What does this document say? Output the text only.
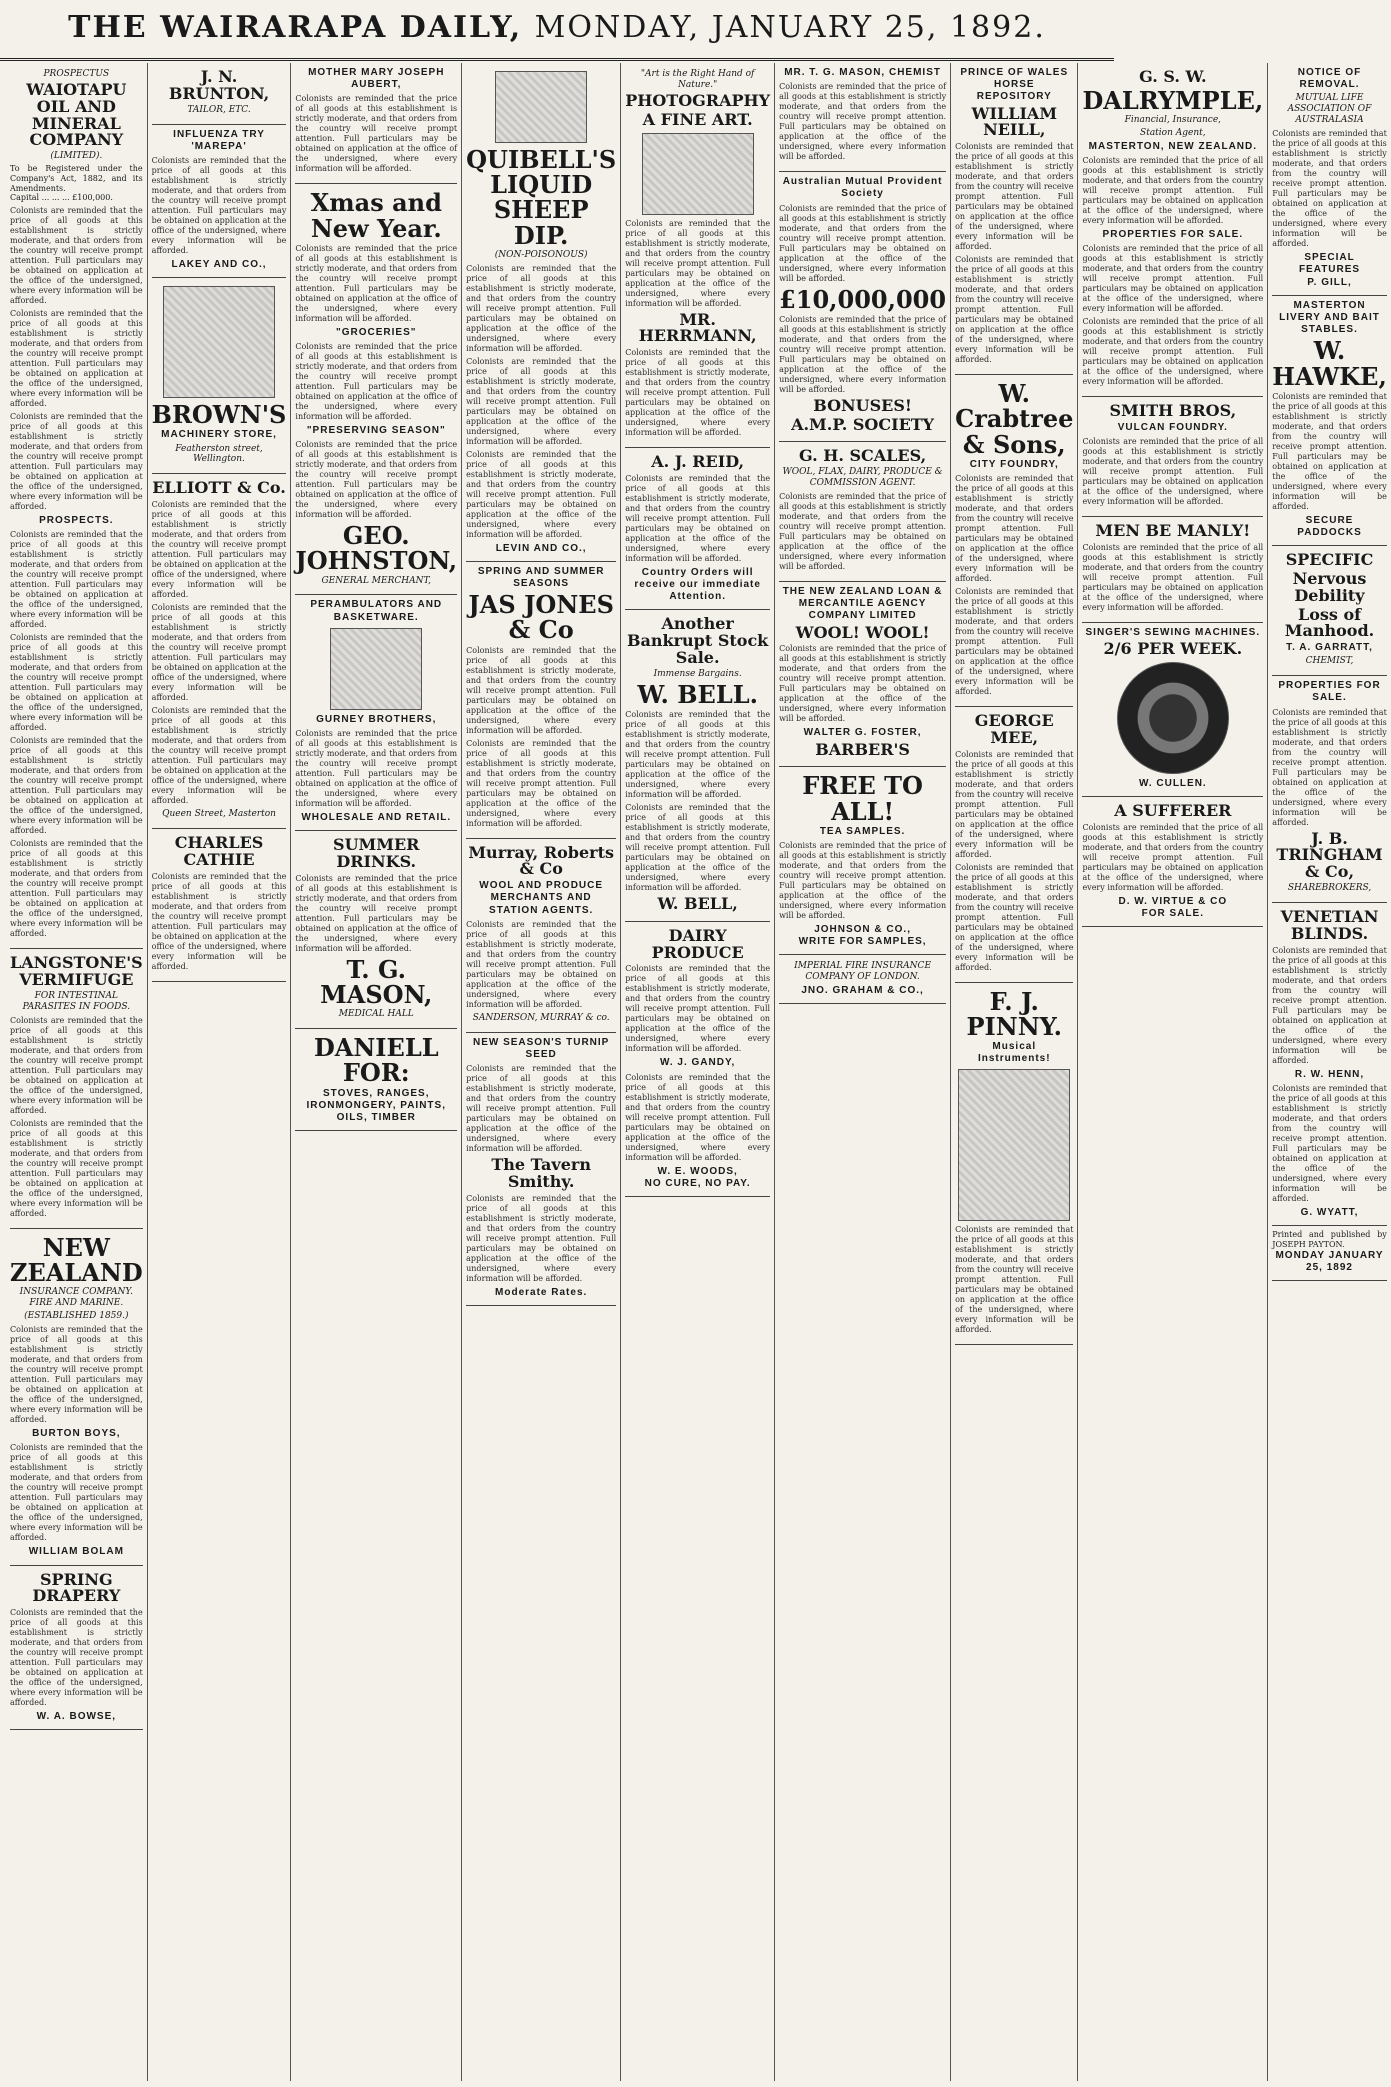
THE WAIRARAPA DAILY, MONDAY, JANUARY 25, 1892.
PROSPECTUS
WAIOTAPU OIL AND MINERAL COMPANY
(LIMITED).
To be Registered under the Company's Act, 1882, and its Amendments.
Capital ... ... ... £100,000.
Colonists are reminded that the price of all goods at this establishment is strictly moderate, and that orders from the country will receive prompt attention. Full particulars may be obtained on application at the office of the undersigned, where every information will be afforded.
Colonists are reminded that the price of all goods at this establishment is strictly moderate, and that orders from the country will receive prompt attention. Full particulars may be obtained on application at the office of the undersigned, where every information will be afforded.
Colonists are reminded that the price of all goods at this establishment is strictly moderate, and that orders from the country will receive prompt attention. Full particulars may be obtained on application at the office of the undersigned, where every information will be afforded.
PROSPECTS.
Colonists are reminded that the price of all goods at this establishment is strictly moderate, and that orders from the country will receive prompt attention. Full particulars may be obtained on application at the office of the undersigned, where every information will be afforded.
Colonists are reminded that the price of all goods at this establishment is strictly moderate, and that orders from the country will receive prompt attention. Full particulars may be obtained on application at the office of the undersigned, where every information will be afforded.
Colonists are reminded that the price of all goods at this establishment is strictly moderate, and that orders from the country will receive prompt attention. Full particulars may be obtained on application at the office of the undersigned, where every information will be afforded.
Colonists are reminded that the price of all goods at this establishment is strictly moderate, and that orders from the country will receive prompt attention. Full particulars may be obtained on application at the office of the undersigned, where every information will be afforded.
LANGSTONE'S VERMIFUGE
FOR INTESTINAL PARASITES IN FOODS.
Colonists are reminded that the price of all goods at this establishment is strictly moderate, and that orders from the country will receive prompt attention. Full particulars may be obtained on application at the office of the undersigned, where every information will be afforded.
Colonists are reminded that the price of all goods at this establishment is strictly moderate, and that orders from the country will receive prompt attention. Full particulars may be obtained on application at the office of the undersigned, where every information will be afforded.
NEW ZEALAND
INSURANCE COMPANY. FIRE AND MARINE.
(ESTABLISHED 1859.)
Colonists are reminded that the price of all goods at this establishment is strictly moderate, and that orders from the country will receive prompt attention. Full particulars may be obtained on application at the office of the undersigned, where every information will be afforded.
BURTON BOYS,
Colonists are reminded that the price of all goods at this establishment is strictly moderate, and that orders from the country will receive prompt attention. Full particulars may be obtained on application at the office of the undersigned, where every information will be afforded.
WILLIAM BOLAM
SPRING DRAPERY
Colonists are reminded that the price of all goods at this establishment is strictly moderate, and that orders from the country will receive prompt attention. Full particulars may be obtained on application at the office of the undersigned, where every information will be afforded.
W. A. BOWSE,
J. N. BRUNTON,
TAILOR, ETC.
INFLUENZA TRY 'MAREPA'
Colonists are reminded that the price of all goods at this establishment is strictly moderate, and that orders from the country will receive prompt attention. Full particulars may be obtained on application at the office of the undersigned, where every information will be afforded.
LAKEY AND CO.,
BROWN'S
MACHINERY STORE,
Featherston street, Wellington.
ELLIOTT & Co.
Colonists are reminded that the price of all goods at this establishment is strictly moderate, and that orders from the country will receive prompt attention. Full particulars may be obtained on application at the office of the undersigned, where every information will be afforded.
Colonists are reminded that the price of all goods at this establishment is strictly moderate, and that orders from the country will receive prompt attention. Full particulars may be obtained on application at the office of the undersigned, where every information will be afforded.
Colonists are reminded that the price of all goods at this establishment is strictly moderate, and that orders from the country will receive prompt attention. Full particulars may be obtained on application at the office of the undersigned, where every information will be afforded.
Queen Street, Masterton
CHARLES CATHIE
Colonists are reminded that the price of all goods at this establishment is strictly moderate, and that orders from the country will receive prompt attention. Full particulars may be obtained on application at the office of the undersigned, where every information will be afforded.
MOTHER MARY JOSEPH AUBERT,
Colonists are reminded that the price of all goods at this establishment is strictly moderate, and that orders from the country will receive prompt attention. Full particulars may be obtained on application at the office of the undersigned, where every information will be afforded.
Xmas and New Year.
Colonists are reminded that the price of all goods at this establishment is strictly moderate, and that orders from the country will receive prompt attention. Full particulars may be obtained on application at the office of the undersigned, where every information will be afforded.
"GROCERIES"
Colonists are reminded that the price of all goods at this establishment is strictly moderate, and that orders from the country will receive prompt attention. Full particulars may be obtained on application at the office of the undersigned, where every information will be afforded.
"PRESERVING SEASON"
Colonists are reminded that the price of all goods at this establishment is strictly moderate, and that orders from the country will receive prompt attention. Full particulars may be obtained on application at the office of the undersigned, where every information will be afforded.
GEO. JOHNSTON,
GENERAL MERCHANT,
PERAMBULATORS AND BASKETWARE.
GURNEY BROTHERS,
Colonists are reminded that the price of all goods at this establishment is strictly moderate, and that orders from the country will receive prompt attention. Full particulars may be obtained on application at the office of the undersigned, where every information will be afforded.
WHOLESALE AND RETAIL.
SUMMER DRINKS.
Colonists are reminded that the price of all goods at this establishment is strictly moderate, and that orders from the country will receive prompt attention. Full particulars may be obtained on application at the office of the undersigned, where every information will be afforded.
T. G. MASON,
MEDICAL HALL
DANIELL FOR:
STOVES, RANGES, IRONMONGERY, PAINTS, OILS, TIMBER
QUIBELL'S LIQUID SHEEP DIP.
(NON-POISONOUS)
Colonists are reminded that the price of all goods at this establishment is strictly moderate, and that orders from the country will receive prompt attention. Full particulars may be obtained on application at the office of the undersigned, where every information will be afforded.
Colonists are reminded that the price of all goods at this establishment is strictly moderate, and that orders from the country will receive prompt attention. Full particulars may be obtained on application at the office of the undersigned, where every information will be afforded.
Colonists are reminded that the price of all goods at this establishment is strictly moderate, and that orders from the country will receive prompt attention. Full particulars may be obtained on application at the office of the undersigned, where every information will be afforded.
LEVIN AND CO.,
SPRING AND SUMMER SEASONS
JAS JONES & Co
Colonists are reminded that the price of all goods at this establishment is strictly moderate, and that orders from the country will receive prompt attention. Full particulars may be obtained on application at the office of the undersigned, where every information will be afforded.
Colonists are reminded that the price of all goods at this establishment is strictly moderate, and that orders from the country will receive prompt attention. Full particulars may be obtained on application at the office of the undersigned, where every information will be afforded.
Murray, Roberts & Co
WOOL AND PRODUCE MERCHANTS AND STATION AGENTS.
Colonists are reminded that the price of all goods at this establishment is strictly moderate, and that orders from the country will receive prompt attention. Full particulars may be obtained on application at the office of the undersigned, where every information will be afforded.
SANDERSON, MURRAY & co.
NEW SEASON'S TURNIP SEED
Colonists are reminded that the price of all goods at this establishment is strictly moderate, and that orders from the country will receive prompt attention. Full particulars may be obtained on application at the office of the undersigned, where every information will be afforded.
The Tavern Smithy.
Colonists are reminded that the price of all goods at this establishment is strictly moderate, and that orders from the country will receive prompt attention. Full particulars may be obtained on application at the office of the undersigned, where every information will be afforded.
Moderate Rates.
"Art is the Right Hand of Nature."
PHOTOGRAPHY
A FINE ART.
Colonists are reminded that the price of all goods at this establishment is strictly moderate, and that orders from the country will receive prompt attention. Full particulars may be obtained on application at the office of the undersigned, where every information will be afforded.
MR. HERRMANN,
Colonists are reminded that the price of all goods at this establishment is strictly moderate, and that orders from the country will receive prompt attention. Full particulars may be obtained on application at the office of the undersigned, where every information will be afforded.
A. J. REID,
Colonists are reminded that the price of all goods at this establishment is strictly moderate, and that orders from the country will receive prompt attention. Full particulars may be obtained on application at the office of the undersigned, where every information will be afforded.
Country Orders will receive our immediate Attention.
Another Bankrupt Stock Sale.
Immense Bargains.
W. BELL.
Colonists are reminded that the price of all goods at this establishment is strictly moderate, and that orders from the country will receive prompt attention. Full particulars may be obtained on application at the office of the undersigned, where every information will be afforded.
Colonists are reminded that the price of all goods at this establishment is strictly moderate, and that orders from the country will receive prompt attention. Full particulars may be obtained on application at the office of the undersigned, where every information will be afforded.
W. BELL,
DAIRY PRODUCE
Colonists are reminded that the price of all goods at this establishment is strictly moderate, and that orders from the country will receive prompt attention. Full particulars may be obtained on application at the office of the undersigned, where every information will be afforded.
W. J. GANDY,
Colonists are reminded that the price of all goods at this establishment is strictly moderate, and that orders from the country will receive prompt attention. Full particulars may be obtained on application at the office of the undersigned, where every information will be afforded.
W. E. WOODS,
NO CURE, NO PAY.
MR. T. G. MASON, CHEMIST
Colonists are reminded that the price of all goods at this establishment is strictly moderate, and that orders from the country will receive prompt attention. Full particulars may be obtained on application at the office of the undersigned, where every information will be afforded.
Australian Mutual Provident Society
Colonists are reminded that the price of all goods at this establishment is strictly moderate, and that orders from the country will receive prompt attention. Full particulars may be obtained on application at the office of the undersigned, where every information will be afforded.
£10,000,000
Colonists are reminded that the price of all goods at this establishment is strictly moderate, and that orders from the country will receive prompt attention. Full particulars may be obtained on application at the office of the undersigned, where every information will be afforded.
BONUSES!
A.M.P. SOCIETY
G. H. SCALES,
WOOL, FLAX, DAIRY, PRODUCE & COMMISSION AGENT.
Colonists are reminded that the price of all goods at this establishment is strictly moderate, and that orders from the country will receive prompt attention. Full particulars may be obtained on application at the office of the undersigned, where every information will be afforded.
THE NEW ZEALAND LOAN & MERCANTILE AGENCY COMPANY LIMITED
WOOL! WOOL!
Colonists are reminded that the price of all goods at this establishment is strictly moderate, and that orders from the country will receive prompt attention. Full particulars may be obtained on application at the office of the undersigned, where every information will be afforded.
WALTER G. FOSTER,
BARBER'S
FREE TO ALL!
TEA SAMPLES.
Colonists are reminded that the price of all goods at this establishment is strictly moderate, and that orders from the country will receive prompt attention. Full particulars may be obtained on application at the office of the undersigned, where every information will be afforded.
JOHNSON & CO.,
WRITE FOR SAMPLES,
IMPERIAL FIRE INSURANCE COMPANY OF LONDON.
JNO. GRAHAM & CO.,
PRINCE OF WALES HORSE REPOSITORY
WILLIAM NEILL,
Colonists are reminded that the price of all goods at this establishment is strictly moderate, and that orders from the country will receive prompt attention. Full particulars may be obtained on application at the office of the undersigned, where every information will be afforded.
Colonists are reminded that the price of all goods at this establishment is strictly moderate, and that orders from the country will receive prompt attention. Full particulars may be obtained on application at the office of the undersigned, where every information will be afforded.
W. Crabtree & Sons,
CITY FOUNDRY,
Colonists are reminded that the price of all goods at this establishment is strictly moderate, and that orders from the country will receive prompt attention. Full particulars may be obtained on application at the office of the undersigned, where every information will be afforded.
Colonists are reminded that the price of all goods at this establishment is strictly moderate, and that orders from the country will receive prompt attention. Full particulars may be obtained on application at the office of the undersigned, where every information will be afforded.
GEORGE MEE,
Colonists are reminded that the price of all goods at this establishment is strictly moderate, and that orders from the country will receive prompt attention. Full particulars may be obtained on application at the office of the undersigned, where every information will be afforded.
Colonists are reminded that the price of all goods at this establishment is strictly moderate, and that orders from the country will receive prompt attention. Full particulars may be obtained on application at the office of the undersigned, where every information will be afforded.
F. J. PINNY.
Musical Instruments!
Colonists are reminded that the price of all goods at this establishment is strictly moderate, and that orders from the country will receive prompt attention. Full particulars may be obtained on application at the office of the undersigned, where every information will be afforded.
G. S. W.
DALRYMPLE,
Financial, Insurance,
Station Agent,
MASTERTON, NEW ZEALAND.
Colonists are reminded that the price of all goods at this establishment is strictly moderate, and that orders from the country will receive prompt attention. Full particulars may be obtained on application at the office of the undersigned, where every information will be afforded.
PROPERTIES FOR SALE.
Colonists are reminded that the price of all goods at this establishment is strictly moderate, and that orders from the country will receive prompt attention. Full particulars may be obtained on application at the office of the undersigned, where every information will be afforded.
Colonists are reminded that the price of all goods at this establishment is strictly moderate, and that orders from the country will receive prompt attention. Full particulars may be obtained on application at the office of the undersigned, where every information will be afforded.
SMITH BROS,
VULCAN FOUNDRY.
Colonists are reminded that the price of all goods at this establishment is strictly moderate, and that orders from the country will receive prompt attention. Full particulars may be obtained on application at the office of the undersigned, where every information will be afforded.
MEN BE MANLY!
Colonists are reminded that the price of all goods at this establishment is strictly moderate, and that orders from the country will receive prompt attention. Full particulars may be obtained on application at the office of the undersigned, where every information will be afforded.
SINGER'S SEWING MACHINES.
2/6 PER WEEK.
W. CULLEN.
A SUFFERER
Colonists are reminded that the price of all goods at this establishment is strictly moderate, and that orders from the country will receive prompt attention. Full particulars may be obtained on application at the office of the undersigned, where every information will be afforded.
D. W. VIRTUE & CO
FOR SALE.
NOTICE OF REMOVAL.
MUTUAL LIFE ASSOCIATION OF AUSTRALASIA
Colonists are reminded that the price of all goods at this establishment is strictly moderate, and that orders from the country will receive prompt attention. Full particulars may be obtained on application at the office of the undersigned, where every information will be afforded.
SPECIAL FEATURES
P. GILL,
MASTERTON LIVERY AND BAIT STABLES.
W. HAWKE,
Colonists are reminded that the price of all goods at this establishment is strictly moderate, and that orders from the country will receive prompt attention. Full particulars may be obtained on application at the office of the undersigned, where every information will be afforded.
SECURE PADDOCKS
SPECIFIC
Nervous Debility
Loss of Manhood.
T. A. GARRATT,
CHEMIST,
PROPERTIES FOR SALE.
Colonists are reminded that the price of all goods at this establishment is strictly moderate, and that orders from the country will receive prompt attention. Full particulars may be obtained on application at the office of the undersigned, where every information will be afforded.
J. B. TRINGHAM & Co,
SHAREBROKERS,
VENETIAN BLINDS.
Colonists are reminded that the price of all goods at this establishment is strictly moderate, and that orders from the country will receive prompt attention. Full particulars may be obtained on application at the office of the undersigned, where every information will be afforded.
R. W. HENN,
Colonists are reminded that the price of all goods at this establishment is strictly moderate, and that orders from the country will receive prompt attention. Full particulars may be obtained on application at the office of the undersigned, where every information will be afforded.
G. WYATT,
Printed and published by JOSEPH PAYTON.
MONDAY JANUARY 25, 1892
